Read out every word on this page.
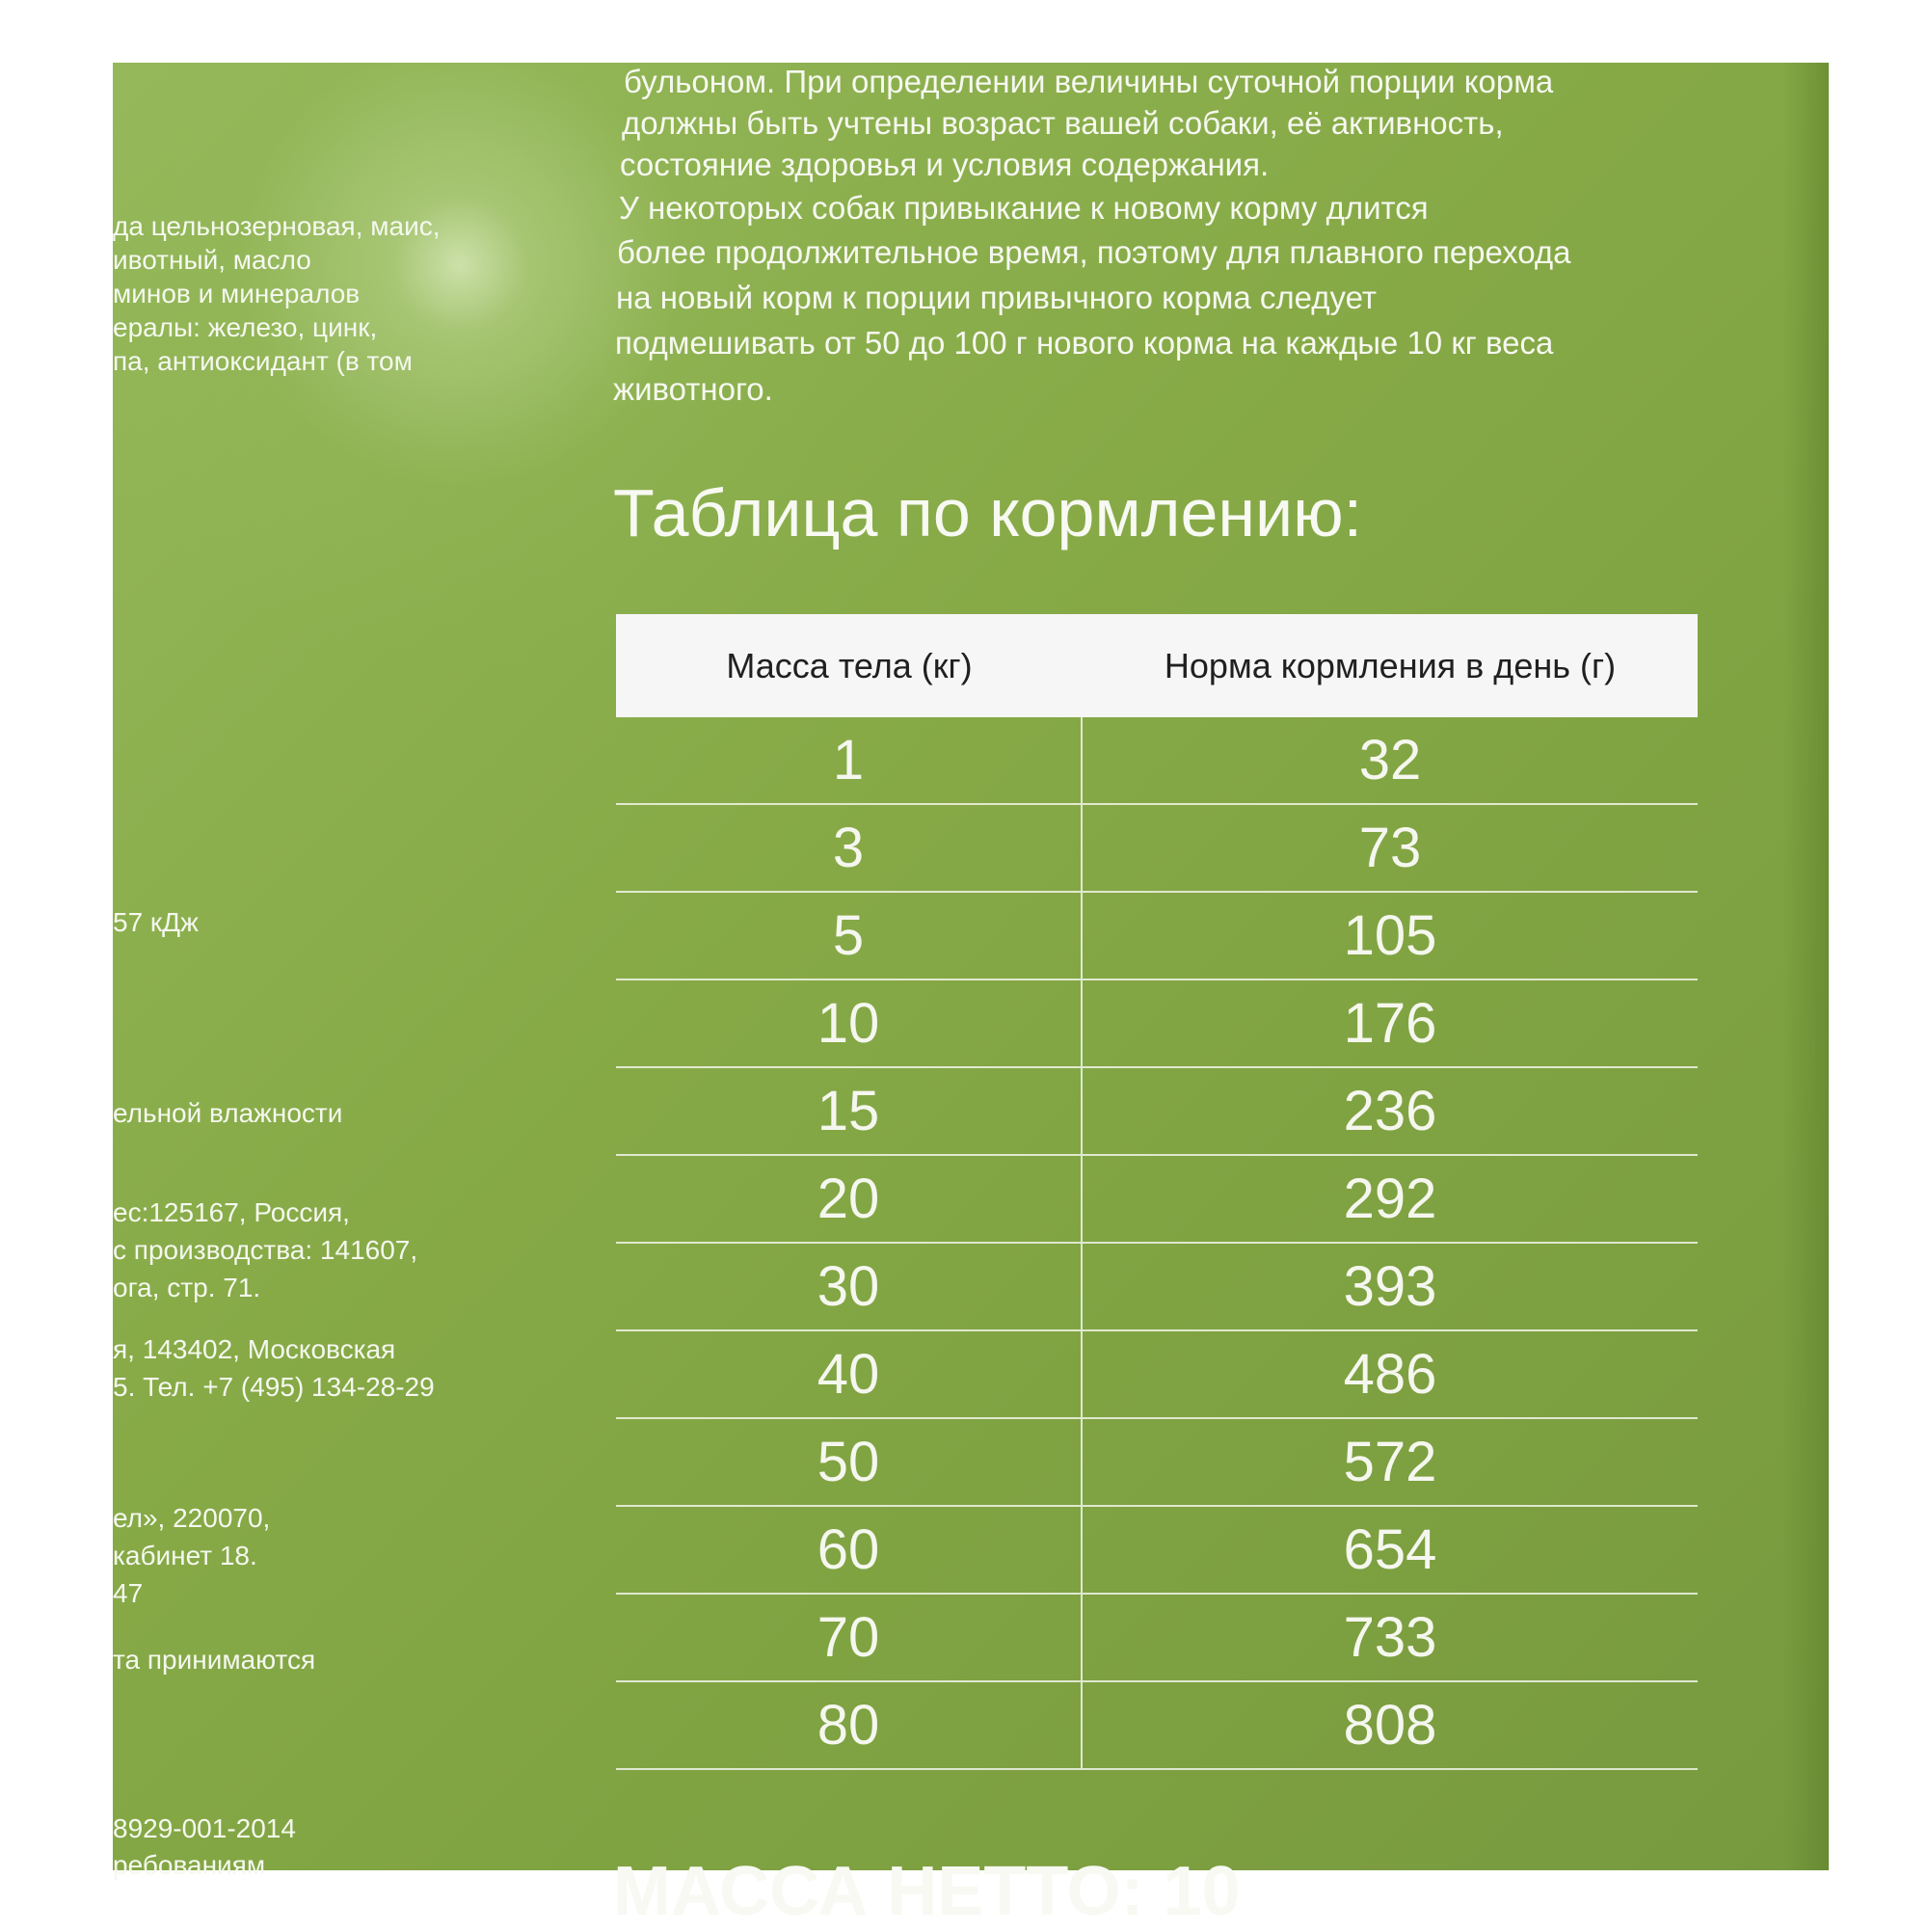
да цельнозерновая, маис,
ивотный, масло
минов и минералов
ералы: железо, цинк,
па, антиоксидант (в том
57 кДж
ельной влажности
ес:125167, Россия,
с производства: 141607,
ога, стр. 71.
я, 143402, Московская
5. Тел. +7 (495) 134-28-29
ел», 220070,
кабинет 18.
47
та принимаются
8929-001-2014
ребованиям
бульоном. При определении величины суточной порции корма
должны быть учтены возраст вашей собаки, её активность,
состояние здоровья и условия содержания.
У некоторых собак привыкание к новому корму длится
более продолжительное время, поэтому для плавного перехода
на новый корм к порции привычного корма следует
подмешивать от 50 до 100 г нового корма на каждые 10 кг веса
животного.
Таблица по кормлению:
Масса тела (кг)	Норма кормления в день (г)
1	32
3	73
5	105
10	176
15	236
20	292
30	393
40	486
50	572
60	654
70	733
80	808
МАССА НЕТТО: 10
